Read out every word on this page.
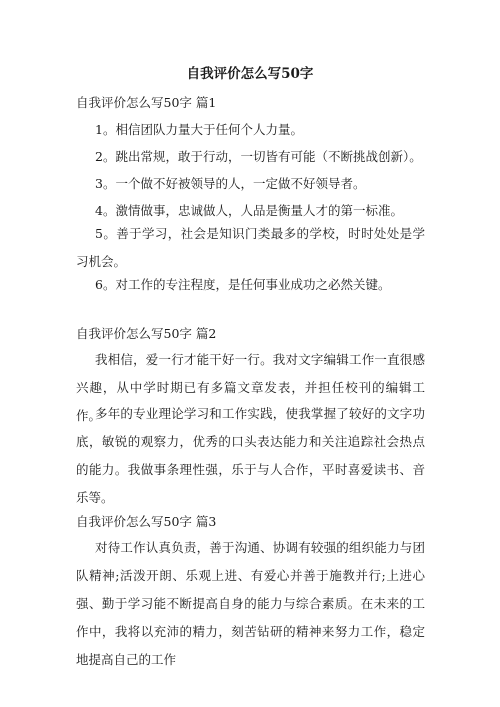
自我评价怎么写50字
自我评价怎么写50字 篇1
1。相信团队力量大于任何个人力量。
2。跳出常规，敢于行动，一切皆有可能（不断挑战创新）。
3。一个做不好被领导的人，一定做不好领导者。
4。激情做事，忠诚做人，人品是衡量人才的第一标准。
5。善于学习，社会是知识门类最多的学校，时时处处是学习机会。
6。对工作的专注程度，是任何事业成功之必然关键。
自我评价怎么写50字 篇2
我相信，爱一行才能干好一行。我对文字编辑工作一直很感兴趣，从中学时期已有多篇文章发表，并担任校刊的编辑工作。
多年的专业理论学习和工作实践，使我掌握了较好的文字功底，敏锐的观察力，优秀的口头表达能力和关注追踪社会热点的能力。我做事条理性强，乐于与人合作，平时喜爱读书、音乐等。
自我评价怎么写50字 篇3
对待工作认真负责，善于沟通、协调有较强的组织能力与团队精神;活泼开朗、乐观上进、有爱心并善于施教并行;上进心强、勤于学习能不断提高自身的能力与综合素质。在未来的工作中，我将以充沛的精力，刻苦钻研的精神来努力工作，稳定地提高自己的工作
